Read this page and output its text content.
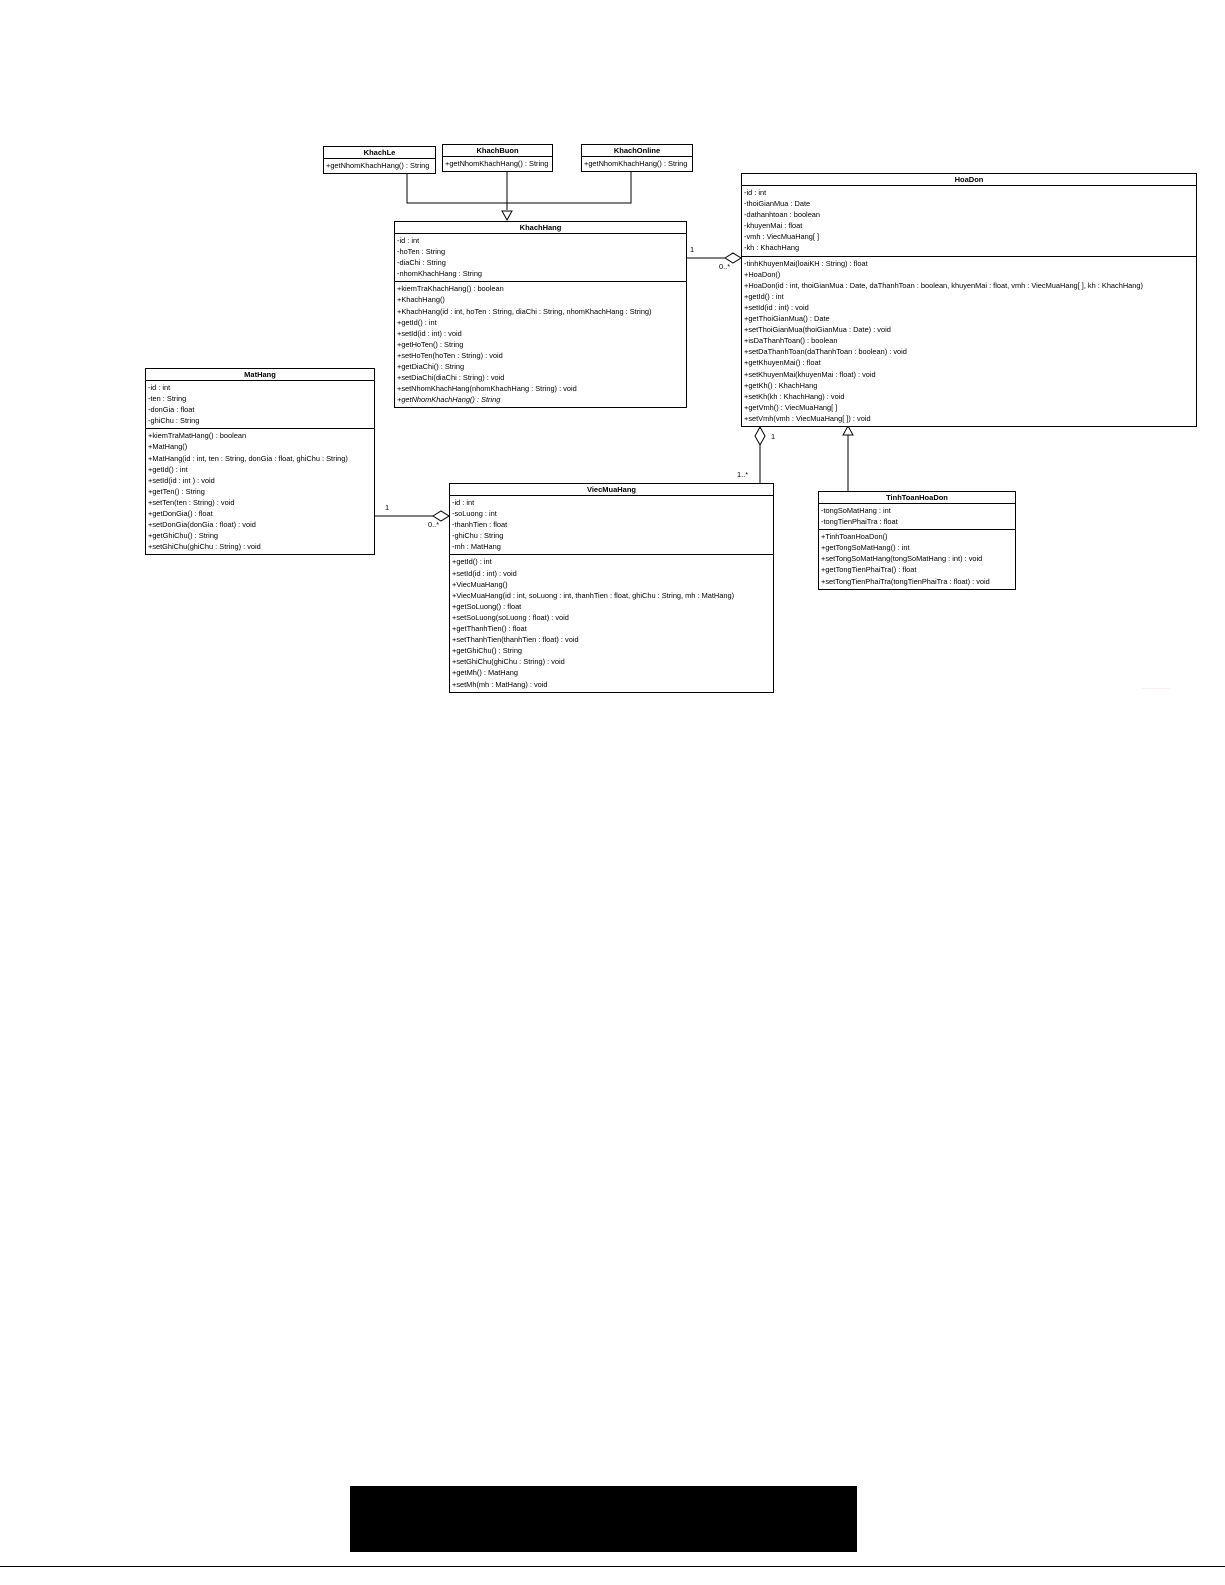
KhachLe
+getNhomKhachHang() : String
KhachBuon
+getNhomKhachHang() : String
KhachOnline
+getNhomKhachHang() : String
KhachHang
-id : int
-hoTen : String
-diaChi : String
-nhomKhachHang : String
+kiemTraKhachHang() : boolean
+KhachHang()
+KhachHang(id : int, hoTen : String, diaChi : String, nhomKhachHang : String)
+getId() : int
+setId(id : int) : void
+getHoTen() : String
+setHoTen(hoTen : String) : void
+getDiaChi() : String
+setDiaChi(diaChi : String) : void
+setNhomKhachHang(nhomKhachHang : String) : void
+getNhomKhachHang() : String
HoaDon
-id : int
-thoiGianMua : Date
-dathanhtoan : boolean
-khuyenMai : float
-vmh : ViecMuaHang[ ]
-kh : KhachHang
-tinhKhuyenMai(loaiKH : String) : float
+HoaDon()
+HoaDon(id : int, thoiGianMua : Date, daThanhToan : boolean, khuyenMai : float, vmh : ViecMuaHang[ ], kh : KhachHang)
+getId() : int
+setId(id : int) : void
+getThoiGianMua() : Date
+setThoiGianMua(thoiGianMua : Date) : void
+isDaThanhToan() : boolean
+setDaThanhToan(daThanhToan : boolean) : void
+getKhuyenMai() : float
+setKhuyenMai(khuyenMai : float) : void
+getKh() : KhachHang
+setKh(kh : KhachHang) : void
+getVmh() : ViecMuaHang[ ]
+setVmh(vmh : ViecMuaHang[ ]) : void
MatHang
-id : int
-ten : String
-donGia : float
-ghiChu : String
+kiemTraMatHang() : boolean
+MatHang()
+MatHang(id : int, ten : String, donGia : float, ghiChu : String)
+getId() : int
+setId(id : int ) : void
+getTen() : String
+setTen(ten : String) : void
+getDonGia() : float
+setDonGia(donGia : float) : void
+getGhiChu() : String
+setGhiChu(ghiChu : String) : void
ViecMuaHang
-id : int
-soLuong : int
-thanhTien : float
-ghiChu : String
-mh : MatHang
+getId() : int
+setId(id : int) : void
+ViecMuaHang()
+ViecMuaHang(id : int, soLuong : int, thanhTien : float, ghiChu : String, mh : MatHang)
+getSoLuong() : float
+setSoLuong(soLuong : float) : void
+getThanhTien() : float
+setThanhTien(thanhTien : float) : void
+getGhiChu() : String
+setGhiChu(ghiChu : String) : void
+getMh() : MatHang
+setMh(mh : MatHang) : void
TinhToanHoaDon
-tongSoMatHang : int
-tongTienPhaiTra : float
+TinhToanHoaDon()
+getTongSoMatHang() : int
+setTongSoMatHang(tongSoMatHang : int) : void
+getTongTienPhaiTra() : float
+setTongTienPhaiTra(tongTienPhaiTra : float) : void
1
0..*
1
1..*
1
0..*
·····························
